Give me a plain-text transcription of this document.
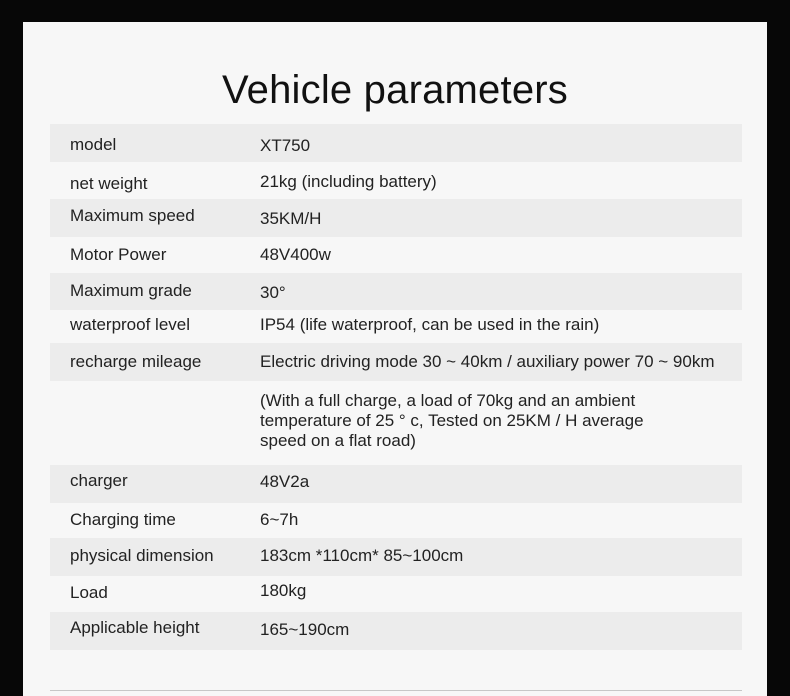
Vehicle parameters
model	XT750
net weight	21kg (including battery)
Maximum speed	35KM/H
Motor Power	48V400w
Maximum grade	30°
waterproof level	IP54 (life waterproof, can be used in the rain)
recharge mileage	Electric driving mode 30 ~ 40km / auxiliary power 70 ~ 90km
(With a full charge, a load of 70kg and an ambient temperature of 25 ° c, Tested on 25KM / H average speed on a flat road)
charger	48V2a
Charging time	6~7h
physical dimension	183cm *110cm* 85~100cm
Load	180kg
Applicable height	165~190cm
